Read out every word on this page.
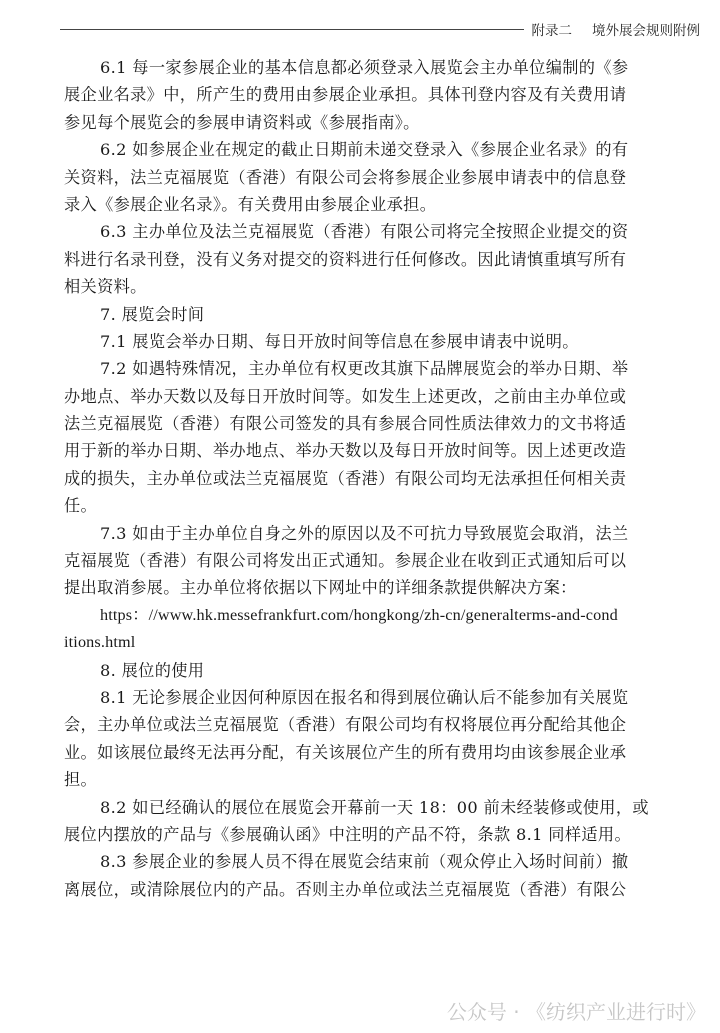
附录二 境外展会规则附例
6.1 每一家参展企业的基本信息都必须登录入展览会主办单位编制的《参
展企业名录》中，所产生的费用由参展企业承担。具体刊登内容及有关费用请
参见每个展览会的参展申请资料或《参展指南》。
6.2 如参展企业在规定的截止日期前未递交登录入《参展企业名录》的有
关资料，法兰克福展览（香港）有限公司会将参展企业参展申请表中的信息登
录入《参展企业名录》。有关费用由参展企业承担。
6.3 主办单位及法兰克福展览（香港）有限公司将完全按照企业提交的资
料进行名录刊登，没有义务对提交的资料进行任何修改。因此请慎重填写所有
相关资料。
7. 展览会时间
7.1 展览会举办日期、每日开放时间等信息在参展申请表中说明。
7.2 如遇特殊情况，主办单位有权更改其旗下品牌展览会的举办日期、举
办地点、举办天数以及每日开放时间等。如发生上述更改，之前由主办单位或
法兰克福展览（香港）有限公司签发的具有参展合同性质法律效力的文书将适
用于新的举办日期、举办地点、举办天数以及每日开放时间等。因上述更改造
成的损失，主办单位或法兰克福展览（香港）有限公司均无法承担任何相关责
任。
7.3 如由于主办单位自身之外的原因以及不可抗力导致展览会取消，法兰
克福展览（香港）有限公司将发出正式通知。参展企业在收到正式通知后可以
提出取消参展。主办单位将依据以下网址中的详细条款提供解决方案：
https：//www.hk.messefrankfurt.com/hongkong/zh-cn/generalterms-and-cond
itions.html
8. 展位的使用
8.1 无论参展企业因何种原因在报名和得到展位确认后不能参加有关展览
会，主办单位或法兰克福展览（香港）有限公司均有权将展位再分配给其他企
业。如该展位最终无法再分配，有关该展位产生的所有费用均由该参展企业承
担。
8.2 如已经确认的展位在展览会开幕前一天 18：00 前未经装修或使用，或
展位内摆放的产品与《参展确认函》中注明的产品不符，条款 8.1 同样适用。
8.3 参展企业的参展人员不得在展览会结束前（观众停止入场时间前）撤
离展位，或清除展位内的产品。否则主办单位或法兰克福展览（香港）有限公
公众号 · 《纺织产业进行时》
